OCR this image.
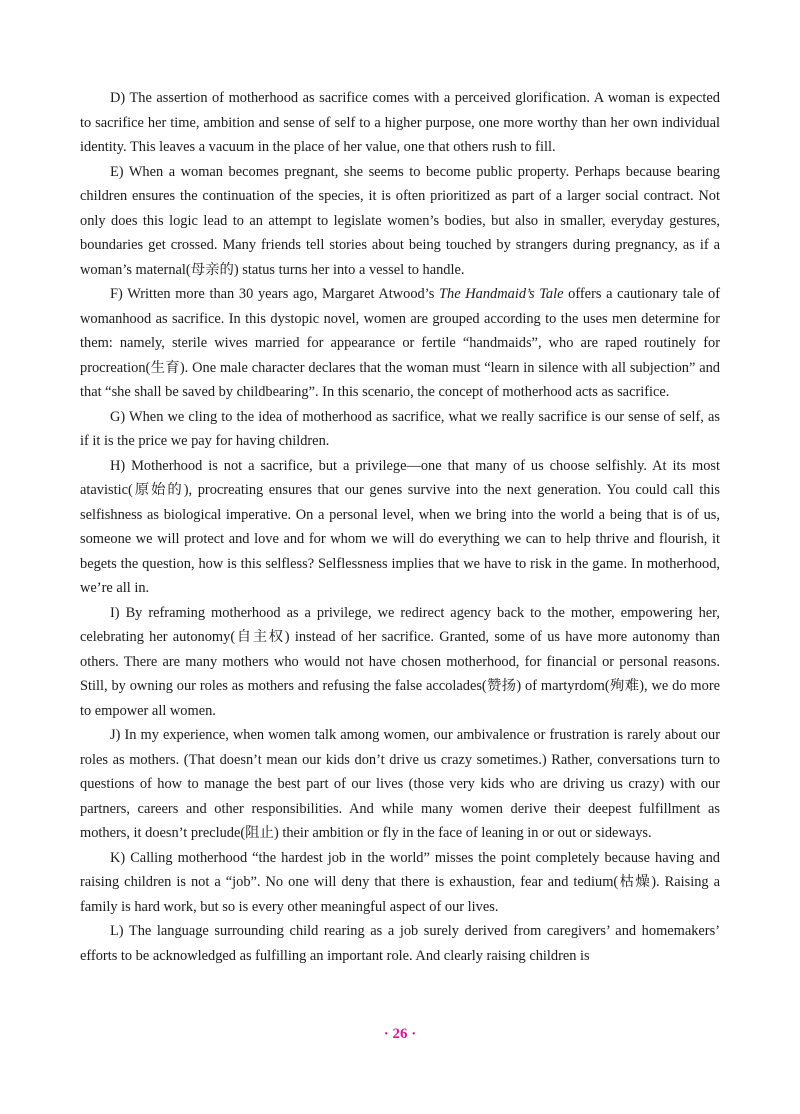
D) The assertion of motherhood as sacrifice comes with a perceived glorification. A woman is expected to sacrifice her time, ambition and sense of self to a higher purpose, one more worthy than her own individual identity. This leaves a vacuum in the place of her value, one that others rush to fill.

E) When a woman becomes pregnant, she seems to become public property. Perhaps because bearing children ensures the continuation of the species, it is often prioritized as part of a larger social contract. Not only does this logic lead to an attempt to legislate women’s bodies, but also in smaller, everyday gestures, boundaries get crossed. Many friends tell stories about being touched by strangers during pregnancy, as if a woman’s maternal(母亲的) status turns her into a vessel to handle.

F) Written more than 30 years ago, Margaret Atwood’s The Handmaid’s Tale offers a cautionary tale of womanhood as sacrifice. In this dystopic novel, women are grouped according to the uses men determine for them: namely, sterile wives married for appearance or fertile “handmaids”, who are raped routinely for procreation(生育). One male character declares that the woman must “learn in silence with all subjection” and that “she shall be saved by childbearing”. In this scenario, the concept of motherhood acts as sacrifice.

G) When we cling to the idea of motherhood as sacrifice, what we really sacrifice is our sense of self, as if it is the price we pay for having children.

H) Motherhood is not a sacrifice, but a privilege—one that many of us choose selfishly. At its most atavistic(原始的), procreating ensures that our genes survive into the next generation. You could call this selfishness as biological imperative. On a personal level, when we bring into the world a being that is of us, someone we will protect and love and for whom we will do everything we can to help thrive and flourish, it begets the question, how is this selfless? Selflessness implies that we have to risk in the game. In motherhood, we’re all in.

I) By reframing motherhood as a privilege, we redirect agency back to the mother, empowering her, celebrating her autonomy(自主权) instead of her sacrifice. Granted, some of us have more autonomy than others. There are many mothers who would not have chosen motherhood, for financial or personal reasons. Still, by owning our roles as mothers and refusing the false accolades(赞扬) of martyrdom(殉难), we do more to empower all women.

J) In my experience, when women talk among women, our ambivalence or frustration is rarely about our roles as mothers. (That doesn’t mean our kids don’t drive us crazy sometimes.) Rather, conversations turn to questions of how to manage the best part of our lives (those very kids who are driving us crazy) with our partners, careers and other responsibilities. And while many women derive their deepest fulfillment as mothers, it doesn’t preclude(阻止) their ambition or fly in the face of leaning in or out or sideways.

K) Calling motherhood “the hardest job in the world” misses the point completely because having and raising children is not a “job”. No one will deny that there is exhaustion, fear and tedium(枯燥). Raising a family is hard work, but so is every other meaningful aspect of our lives.

L) The language surrounding child rearing as a job surely derived from caregivers’ and homemakers’ efforts to be acknowledged as fulfilling an important role. And clearly raising children is

· 26 ·
